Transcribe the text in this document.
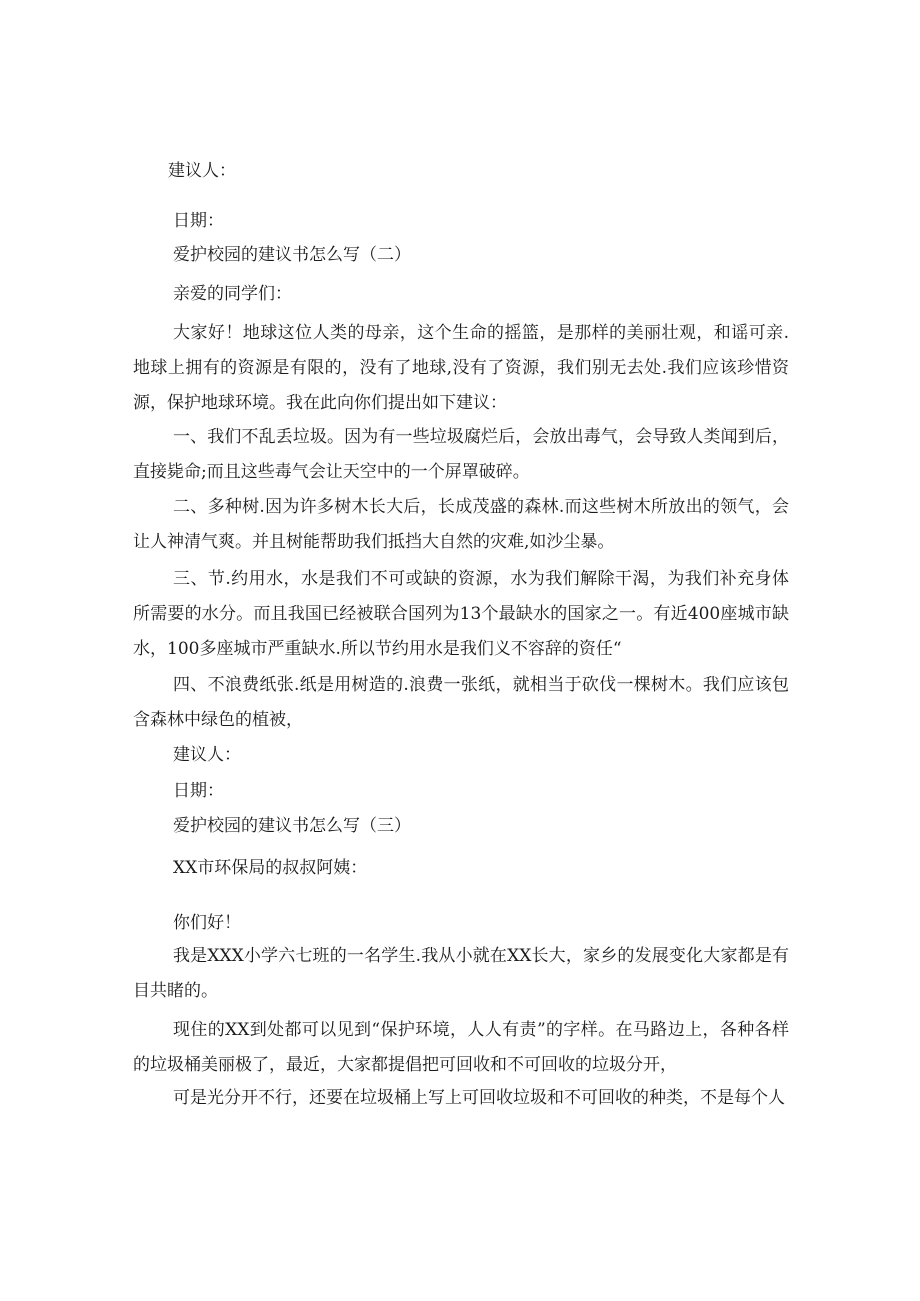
建议人：
日期：
爱护校园的建议书怎么写（二）
亲爱的同学们：
大家好！地球这位人类的母亲，这个生命的摇篮，是那样的美丽壮观，和谣可亲.地球上拥有的资源是有限的，没有了地球,没有了资源，我们别无去处.我们应该珍惜资源，保护地球环境。我在此向你们提出如下建议：
一、我们不乱丢垃圾。因为有一些垃圾腐烂后，会放出毒气，会导致人类闻到后，直接毙命;而且这些毒气会让天空中的一个屏罩破碎。
二、多种树.因为许多树木长大后，长成茂盛的森林.而这些树木所放出的领气，会让人神清气爽。并且树能帮助我们抵挡大自然的灾难,如沙尘暴。
三、节.约用水，水是我们不可或缺的资源，水为我们解除干渴，为我们补充身体所需要的水分。而且我国已经被联合国列为13个最缺水的国家之一。有近400座城市缺水，100多座城市严重缺水.所以节约用水是我们义不容辞的资任“
四、不浪费纸张.纸是用树造的.浪费一张纸，就相当于砍伐一棵树木。我们应该包含森林中绿色的植被，
建议人：
日期：
爱护校园的建议书怎么写（三）
XX市环保局的叔叔阿姨：
你们好！
我是XXX小学六七班的一名学生.我从小就在XX长大，家乡的发展变化大家都是有目共睹的。
现住的XX到处都可以见到“保护环境，人人有责”的字样。在马路边上，各种各样的垃圾桶美丽极了，最近，大家都提倡把可回收和不可回收的垃圾分开，
可是光分开不行，还要在垃圾桶上写上可回收垃圾和不可回收的种类，不是每个人
